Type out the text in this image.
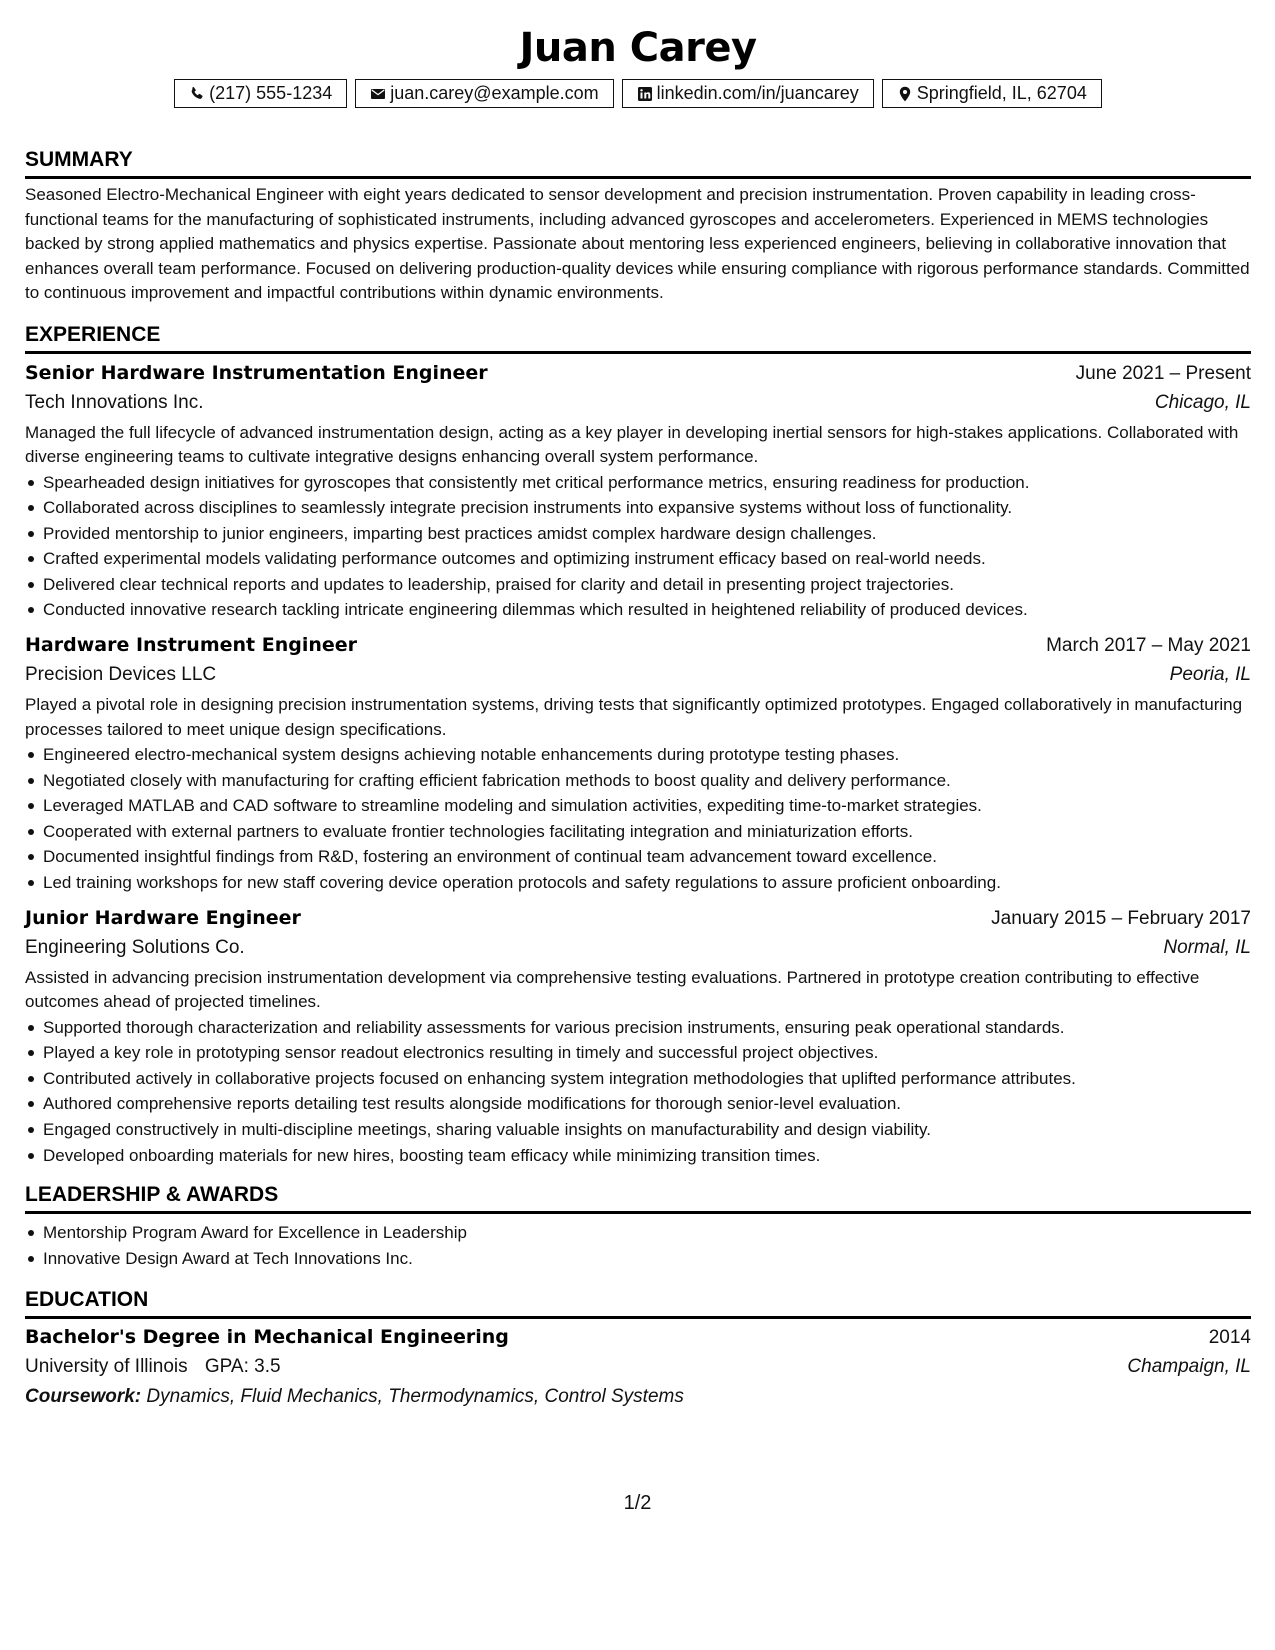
Juan Carey
(217) 555-1234	juan.carey@example.com	linkedin.com/in/juancarey	Springfield, IL, 62704
SUMMARY

Seasoned Electro-Mechanical Engineer with eight years dedicated to sensor development and precision instrumentation. Proven capability in leading cross-functional teams for the manufacturing of sophisticated instruments, including advanced gyroscopes and accelerometers. Experienced in MEMS technologies backed by strong applied mathematics and physics expertise. Passionate about mentoring less experienced engineers, believing in collaborative innovation that enhances overall team performance. Focused on delivering production-quality devices while ensuring compliance with rigorous performance standards. Committed to continuous improvement and impactful contributions within dynamic environments.

EXPERIENCE
Senior Hardware Instrumentation Engineer	June 2021 – Present
Tech Innovations Inc.	Chicago, IL

Managed the full lifecycle of advanced instrumentation design, acting as a key player in developing inertial sensors for high-stakes applications. Collaborated with diverse engineering teams to cultivate integrative designs enhancing overall system performance.

Spearheaded design initiatives for gyroscopes that consistently met critical performance metrics, ensuring readiness for production.
Collaborated across disciplines to seamlessly integrate precision instruments into expansive systems without loss of functionality.
Provided mentorship to junior engineers, imparting best practices amidst complex hardware design challenges.
Crafted experimental models validating performance outcomes and optimizing instrument efficacy based on real-world needs.
Delivered clear technical reports and updates to leadership, praised for clarity and detail in presenting project trajectories.
Conducted innovative research tackling intricate engineering dilemmas which resulted in heightened reliability of produced devices.
Hardware Instrument Engineer	March 2017 – May 2021
Precision Devices LLC	Peoria, IL

Played a pivotal role in designing precision instrumentation systems, driving tests that significantly optimized prototypes. Engaged collaboratively in manufacturing processes tailored to meet unique design specifications.

Engineered electro-mechanical system designs achieving notable enhancements during prototype testing phases.
Negotiated closely with manufacturing for crafting efficient fabrication methods to boost quality and delivery performance.
Leveraged MATLAB and CAD software to streamline modeling and simulation activities, expediting time-to-market strategies.
Cooperated with external partners to evaluate frontier technologies facilitating integration and miniaturization efforts.
Documented insightful findings from R&D, fostering an environment of continual team advancement toward excellence.
Led training workshops for new staff covering device operation protocols and safety regulations to assure proficient onboarding.
Junior Hardware Engineer	January 2015 – February 2017
Engineering Solutions Co.	Normal, IL

Assisted in advancing precision instrumentation development via comprehensive testing evaluations. Partnered in prototype creation contributing to effective outcomes ahead of projected timelines.

Supported thorough characterization and reliability assessments for various precision instruments, ensuring peak operational standards.
Played a key role in prototyping sensor readout electronics resulting in timely and successful project objectives.
Contributed actively in collaborative projects focused on enhancing system integration methodologies that uplifted performance attributes.
Authored comprehensive reports detailing test results alongside modifications for thorough senior-level evaluation.
Engaged constructively in multi-discipline meetings, sharing valuable insights on manufacturability and design viability.
Developed onboarding materials for new hires, boosting team efficacy while minimizing transition times.
LEADERSHIP & AWARDS
Mentorship Program Award for Excellence in Leadership
Innovative Design Award at Tech Innovations Inc.
EDUCATION
Bachelor's Degree in Mechanical Engineering	2014
University of Illinois GPA: 3.5	Champaign, IL
Coursework: Dynamics, Fluid Mechanics, Thermodynamics, Control Systems
1/2
